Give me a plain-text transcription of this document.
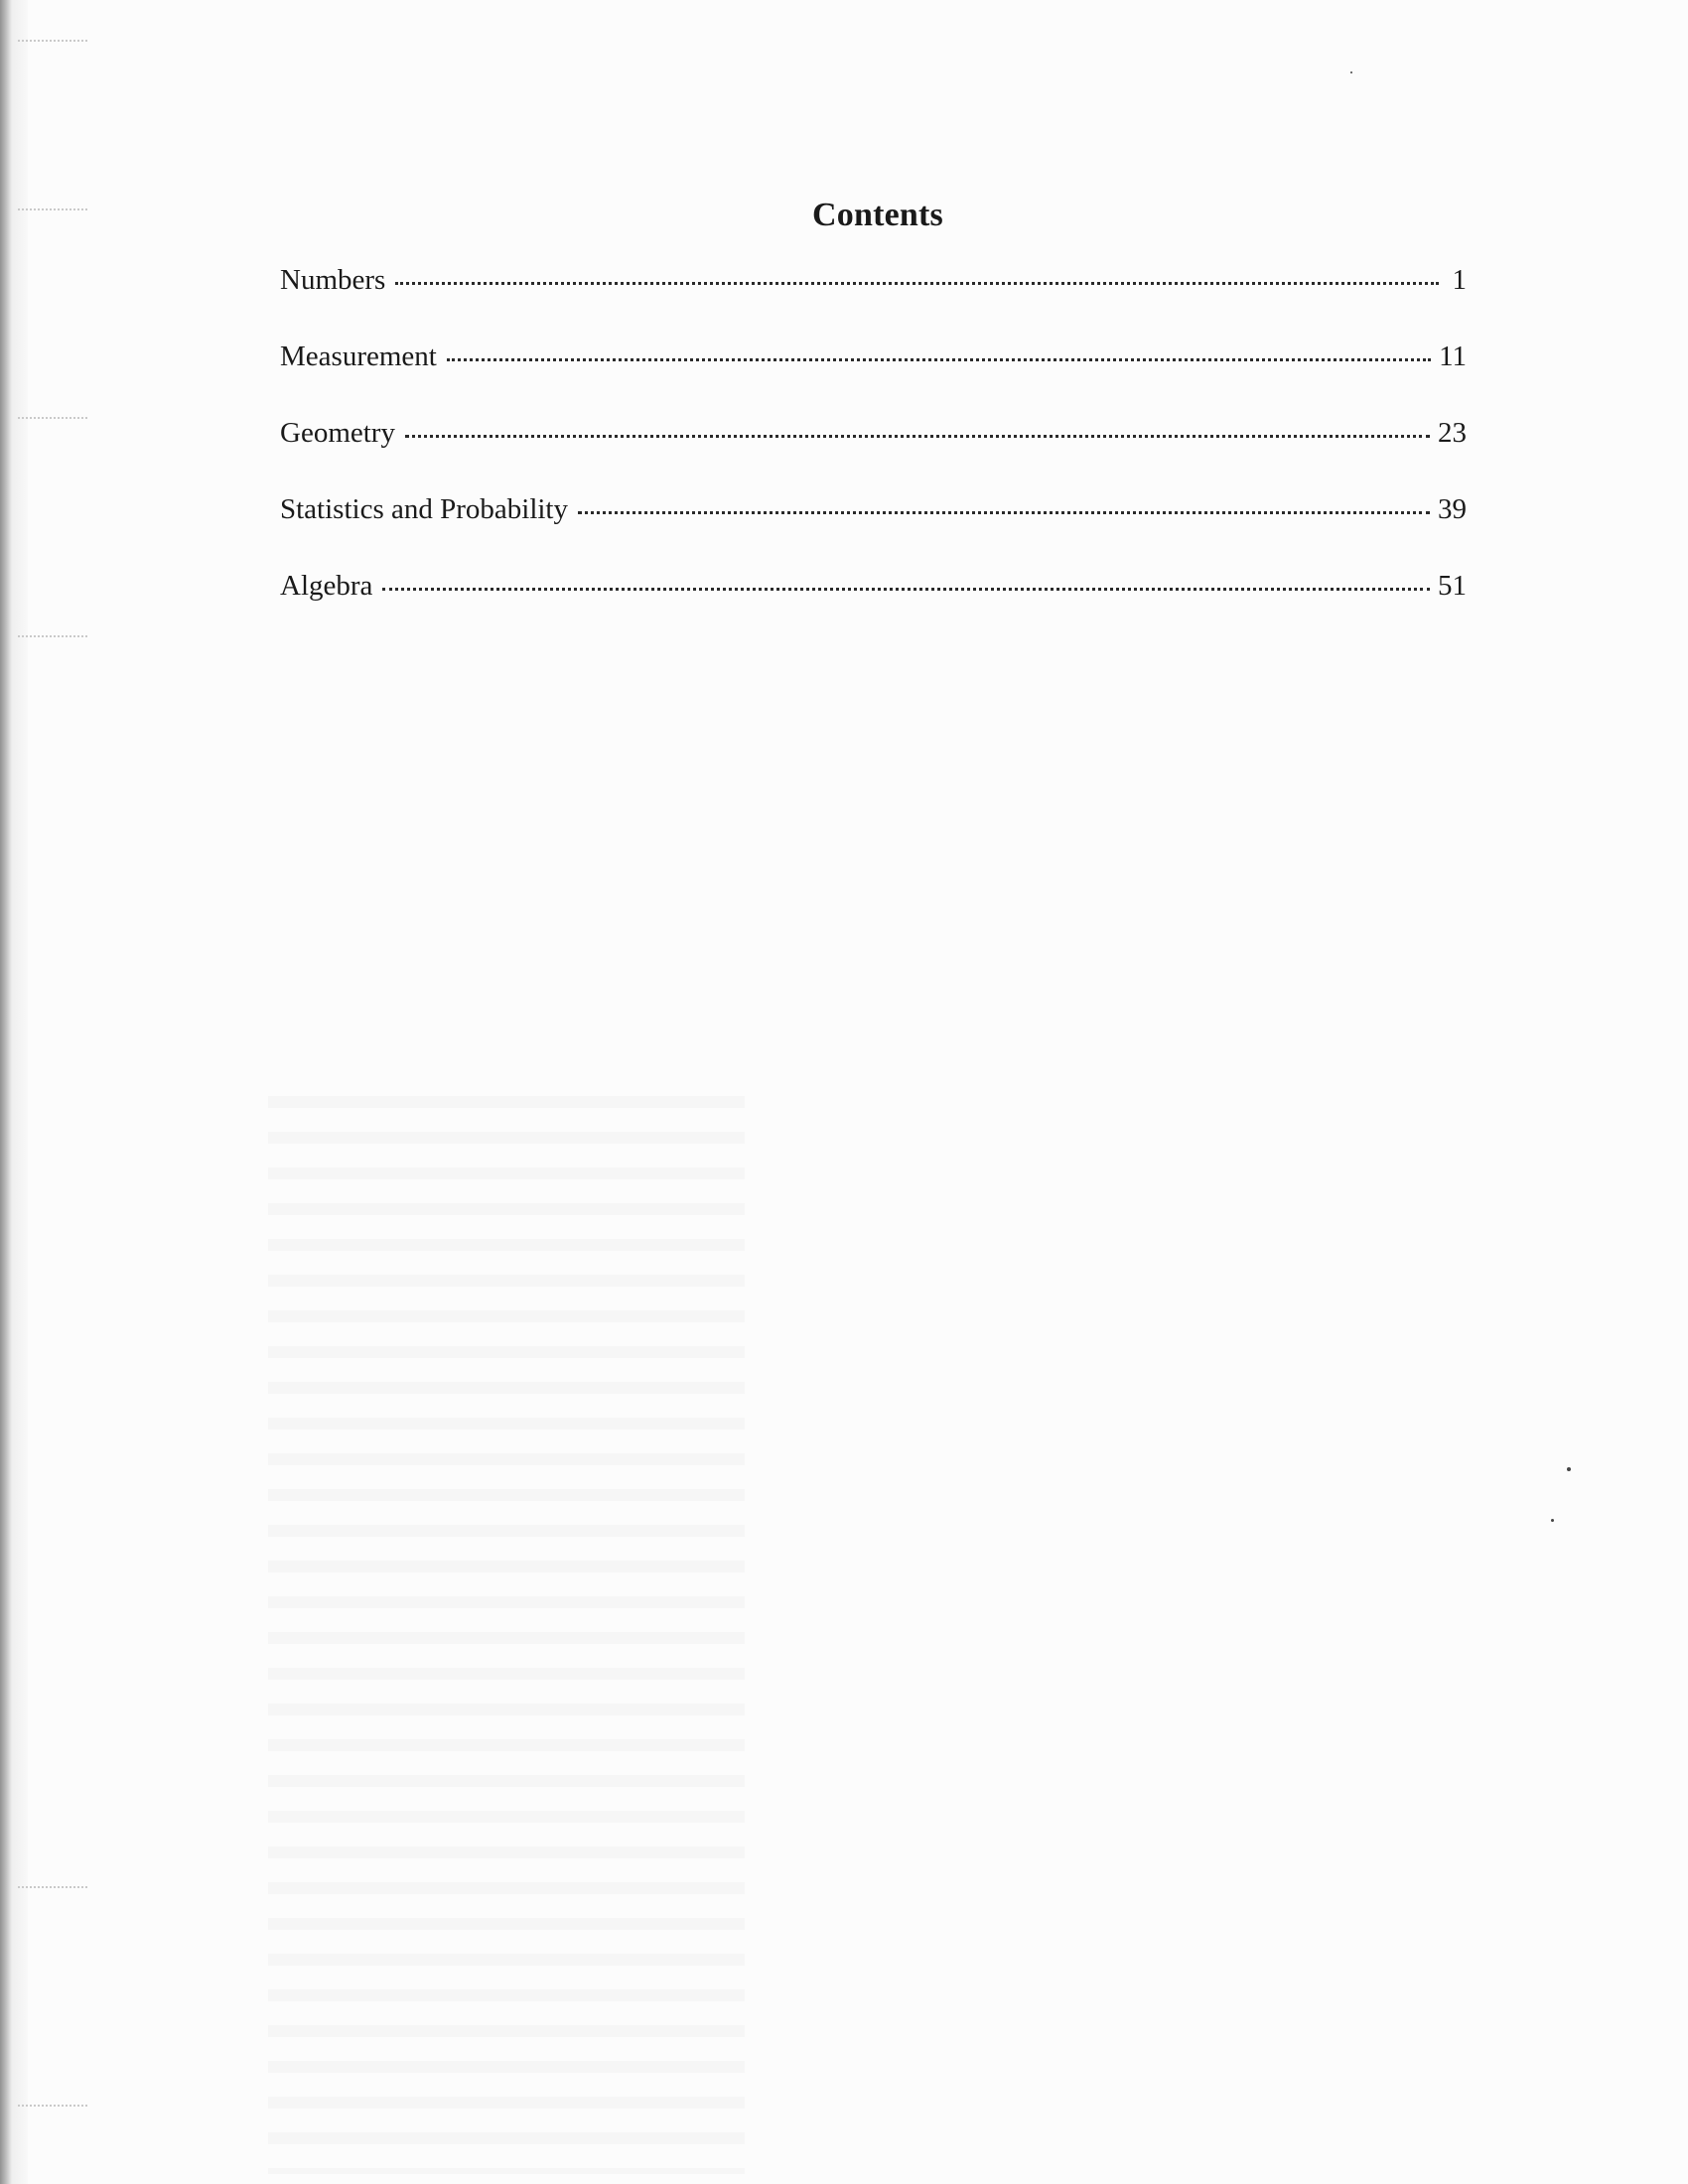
Contents
Numbers	1
Measurement	11
Geometry	23
Statistics and Probability	39
Algebra	51
